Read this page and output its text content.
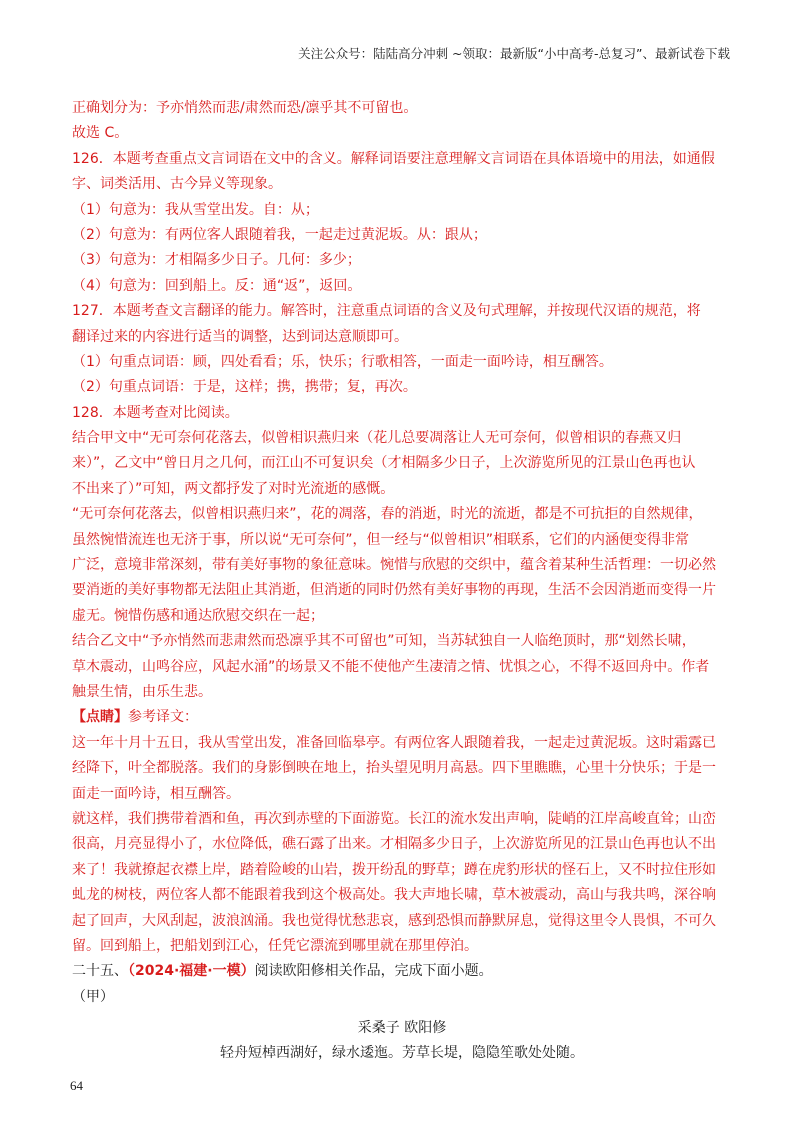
关注公众号：陆陆高分冲刺 ~领取：最新版“小中高考-总复习”、最新试卷下载
正确划分为：予亦悄然而悲/肃然而恐/凛乎其不可留也。
故选 C。
126．本题考查重点文言词语在文中的含义。解释词语要注意理解文言词语在具体语境中的用法，如通假
字、词类活用、古今异义等现象。
（1）句意为：我从雪堂出发。自：从；
（2）句意为：有两位客人跟随着我，一起走过黄泥坂。从：跟从；
（3）句意为：才相隔多少日子。几何：多少；
（4）句意为：回到船上。反：通“返”，返回。
127．本题考查文言翻译的能力。解答时，注意重点词语的含义及句式理解，并按现代汉语的规范，将
翻译过来的内容进行适当的调整，达到词达意顺即可。
（1）句重点词语：顾，四处看看；乐，快乐；行歌相答，一面走一面吟诗，相互酬答。
（2）句重点词语：于是，这样；携，携带；复，再次。
128．本题考查对比阅读。
结合甲文中“无可奈何花落去，似曾相识燕归来（花儿总要凋落让人无可奈何，似曾相识的春燕又归
来）”，乙文中“曾日月之几何，而江山不可复识矣（才相隔多少日子，上次游览所见的江景山色再也认
不出来了）”可知，两文都抒发了对时光流逝的感慨。
“无可奈何花落去，似曾相识燕归来”，花的凋落，春的消逝，时光的流逝，都是不可抗拒的自然规律，
虽然惋惜流连也无济于事，所以说“无可奈何”，但一经与“似曾相识”相联系，它们的内涵便变得非常
广泛，意境非常深刻，带有美好事物的象征意味。惋惜与欣慰的交织中，蕴含着某种生活哲理：一切必然
要消逝的美好事物都无法阻止其消逝，但消逝的同时仍然有美好事物的再现，生活不会因消逝而变得一片
虚无。惋惜伤感和通达欣慰交织在一起；
结合乙文中“予亦悄然而悲肃然而恐凛乎其不可留也”可知，当苏轼独自一人临绝顶时，那“划然长啸，
草木震动，山鸣谷应，风起水涌”的场景又不能不使他产生凄清之情、忧惧之心，不得不返回舟中。作者
触景生情，由乐生悲。
【点睛】参考译文：
这一年十月十五日，我从雪堂出发，准备回临皋亭。有两位客人跟随着我，一起走过黄泥坂。这时霜露已
经降下，叶全都脱落。我们的身影倒映在地上，抬头望见明月高悬。四下里瞧瞧，心里十分快乐；于是一
面走一面吟诗，相互酬答。
就这样，我们携带着酒和鱼，再次到赤壁的下面游览。长江的流水发出声响，陡峭的江岸高峻直耸；山峦
很高，月亮显得小了，水位降低，礁石露了出来。才相隔多少日子，上次游览所见的江景山色再也认不出
来了！我就撩起衣襟上岸，踏着险峻的山岩，拨开纷乱的野草；蹲在虎豹形状的怪石上，又不时拉住形如
虬龙的树枝，两位客人都不能跟着我到这个极高处。我大声地长啸，草木被震动，高山与我共鸣，深谷响
起了回声，大风刮起，波浪汹涌。我也觉得忧愁悲哀，感到恐惧而静默屏息，觉得这里令人畏惧，不可久
留。回到船上，把船划到江心，任凭它漂流到哪里就在那里停泊。
二十五、（2024·福建·一模）阅读欧阳修相关作品，完成下面小题。
（甲）
采桑子 欧阳修
轻舟短棹西湖好，绿水逶迤。芳草长堤，隐隐笙歌处处随。
64
